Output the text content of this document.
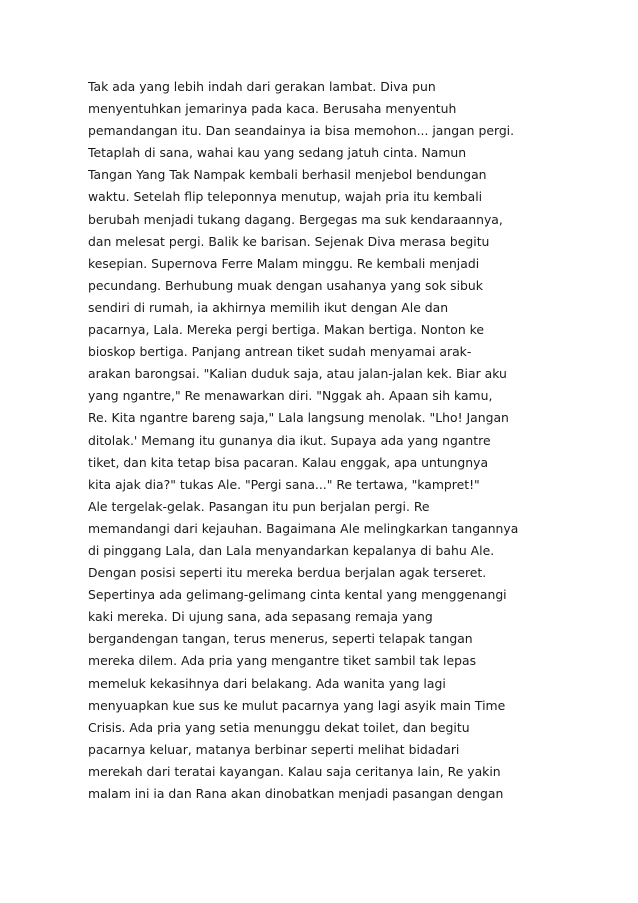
Tak ada yang lebih indah dari gerakan lambat. Diva pun
menyentuhkan jemarinya pada kaca. Berusaha menyentuh
pemandangan itu. Dan seandainya ia bisa memohon... jangan pergi.
Tetaplah di sana, wahai kau yang sedang jatuh cinta. Namun
Tangan Yang Tak Nampak kembali berhasil menjebol bendungan
waktu. Setelah flip teleponnya menutup, wajah pria itu kembali
berubah menjadi tukang dagang. Bergegas ma suk kendaraannya,
dan melesat pergi. Balik ke barisan. Sejenak Diva merasa begitu
kesepian. Supernova Ferre Malam minggu. Re kembali menjadi
pecundang. Berhubung muak dengan usahanya yang sok sibuk
sendiri di rumah, ia akhirnya memilih ikut dengan Ale dan
pacarnya, Lala. Mereka pergi bertiga. Makan bertiga. Nonton ke
bioskop bertiga. Panjang antrean tiket sudah menyamai arak-
arakan barongsai. "Kalian duduk saja, atau jalan-jalan kek. Biar aku
yang ngantre," Re menawarkan diri. "Nggak ah. Apaan sih kamu,
Re. Kita ngantre bareng saja," Lala langsung menolak. "Lho! Jangan
ditolak.' Memang itu gunanya dia ikut. Supaya ada yang ngantre
tiket, dan kita tetap bisa pacaran. Kalau enggak, apa untungnya
kita ajak dia?" tukas Ale. "Pergi sana..." Re tertawa, "kampret!"
Ale tergelak-gelak. Pasangan itu pun berjalan pergi. Re
memandangi dari kejauhan. Bagaimana Ale melingkarkan tangannya
di pinggang Lala, dan Lala menyandarkan kepalanya di bahu Ale.
Dengan posisi seperti itu mereka berdua berjalan agak terseret.
Sepertinya ada gelimang-gelimang cinta kental yang menggenangi
kaki mereka. Di ujung sana, ada sepasang remaja yang
bergandengan tangan, terus menerus, seperti telapak tangan
mereka dilem. Ada pria yang mengantre tiket sambil tak lepas
memeluk kekasihnya dari belakang. Ada wanita yang lagi
menyuapkan kue sus ke mulut pacarnya yang lagi asyik main Time
Crisis. Ada pria yang setia menunggu dekat toilet, dan begitu
pacarnya keluar, matanya berbinar seperti melihat bidadari
merekah dari teratai kayangan. Kalau saja ceritanya lain, Re yakin
malam ini ia dan Rana akan dinobatkan menjadi pasangan dengan
